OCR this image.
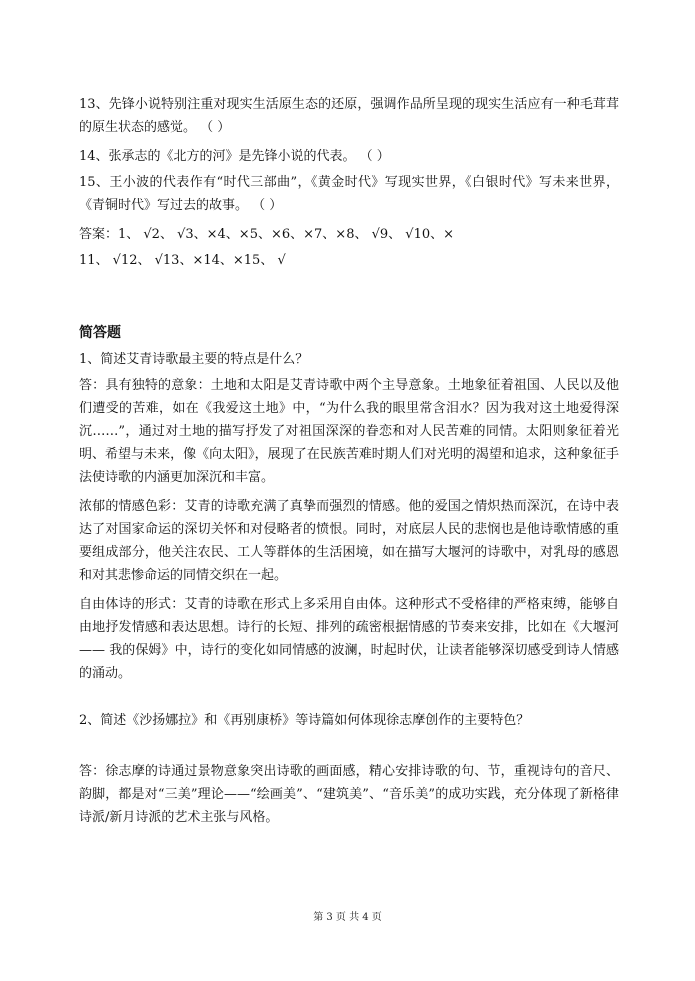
13、先锋小说特别注重对现实生活原生态的还原，强调作品所呈现的现实生活应有一种毛茸茸的原生状态的感觉。 （ ）

14、张承志的《北方的河》是先锋小说的代表。 （ ）

15、王小波的代表作有“时代三部曲”，《黄金时代》写现实世界，《白银时代》写未来世界，《青铜时代》写过去的故事。 （ ）

答案：1、 √2、 √3、×4、×5、×6、×7、×8、 √9、 √10、×

11、 √12、 √13、×14、×15、 √

简答题

1、简述艾青诗歌最主要的特点是什么？

答：具有独特的意象：土地和太阳是艾青诗歌中两个主导意象。土地象征着祖国、人民以及他们遭受的苦难，如在《我爱这土地》中，“为什么我的眼里常含泪水？因为我对这土地爱得深沉……”，通过对土地的描写抒发了对祖国深深的眷恋和对人民苦难的同情。太阳则象征着光明、希望与未来，像《向太阳》，展现了在民族苦难时期人们对光明的渴望和追求，这种象征手法使诗歌的内涵更加深沉和丰富。

浓郁的情感色彩：艾青的诗歌充满了真挚而强烈的情感。他的爱国之情炽热而深沉，在诗中表达了对国家命运的深切关怀和对侵略者的愤恨。同时，对底层人民的悲悯也是他诗歌情感的重要组成部分，他关注农民、工人等群体的生活困境，如在描写大堰河的诗歌中，对乳母的感恩和对其悲惨命运的同情交织在一起。

自由体诗的形式：艾青的诗歌在形式上多采用自由体。这种形式不受格律的严格束缚，能够自由地抒发情感和表达思想。诗行的长短、排列的疏密根据情感的节奏来安排，比如在《大堰河 —— 我的保姆》中，诗行的变化如同情感的波澜，时起时伏，让读者能够深切感受到诗人情感的涌动。

2、简述《沙扬娜拉》和《再别康桥》等诗篇如何体现徐志摩创作的主要特色？

答：徐志摩的诗通过景物意象突出诗歌的画面感，精心安排诗歌的句、节，重视诗句的音尺、韵脚，都是对“三美”理论——“绘画美”、“建筑美”、“音乐美”的成功实践，充分体现了新格律诗派/新月诗派的艺术主张与风格。

第 3 页 共 4 页
